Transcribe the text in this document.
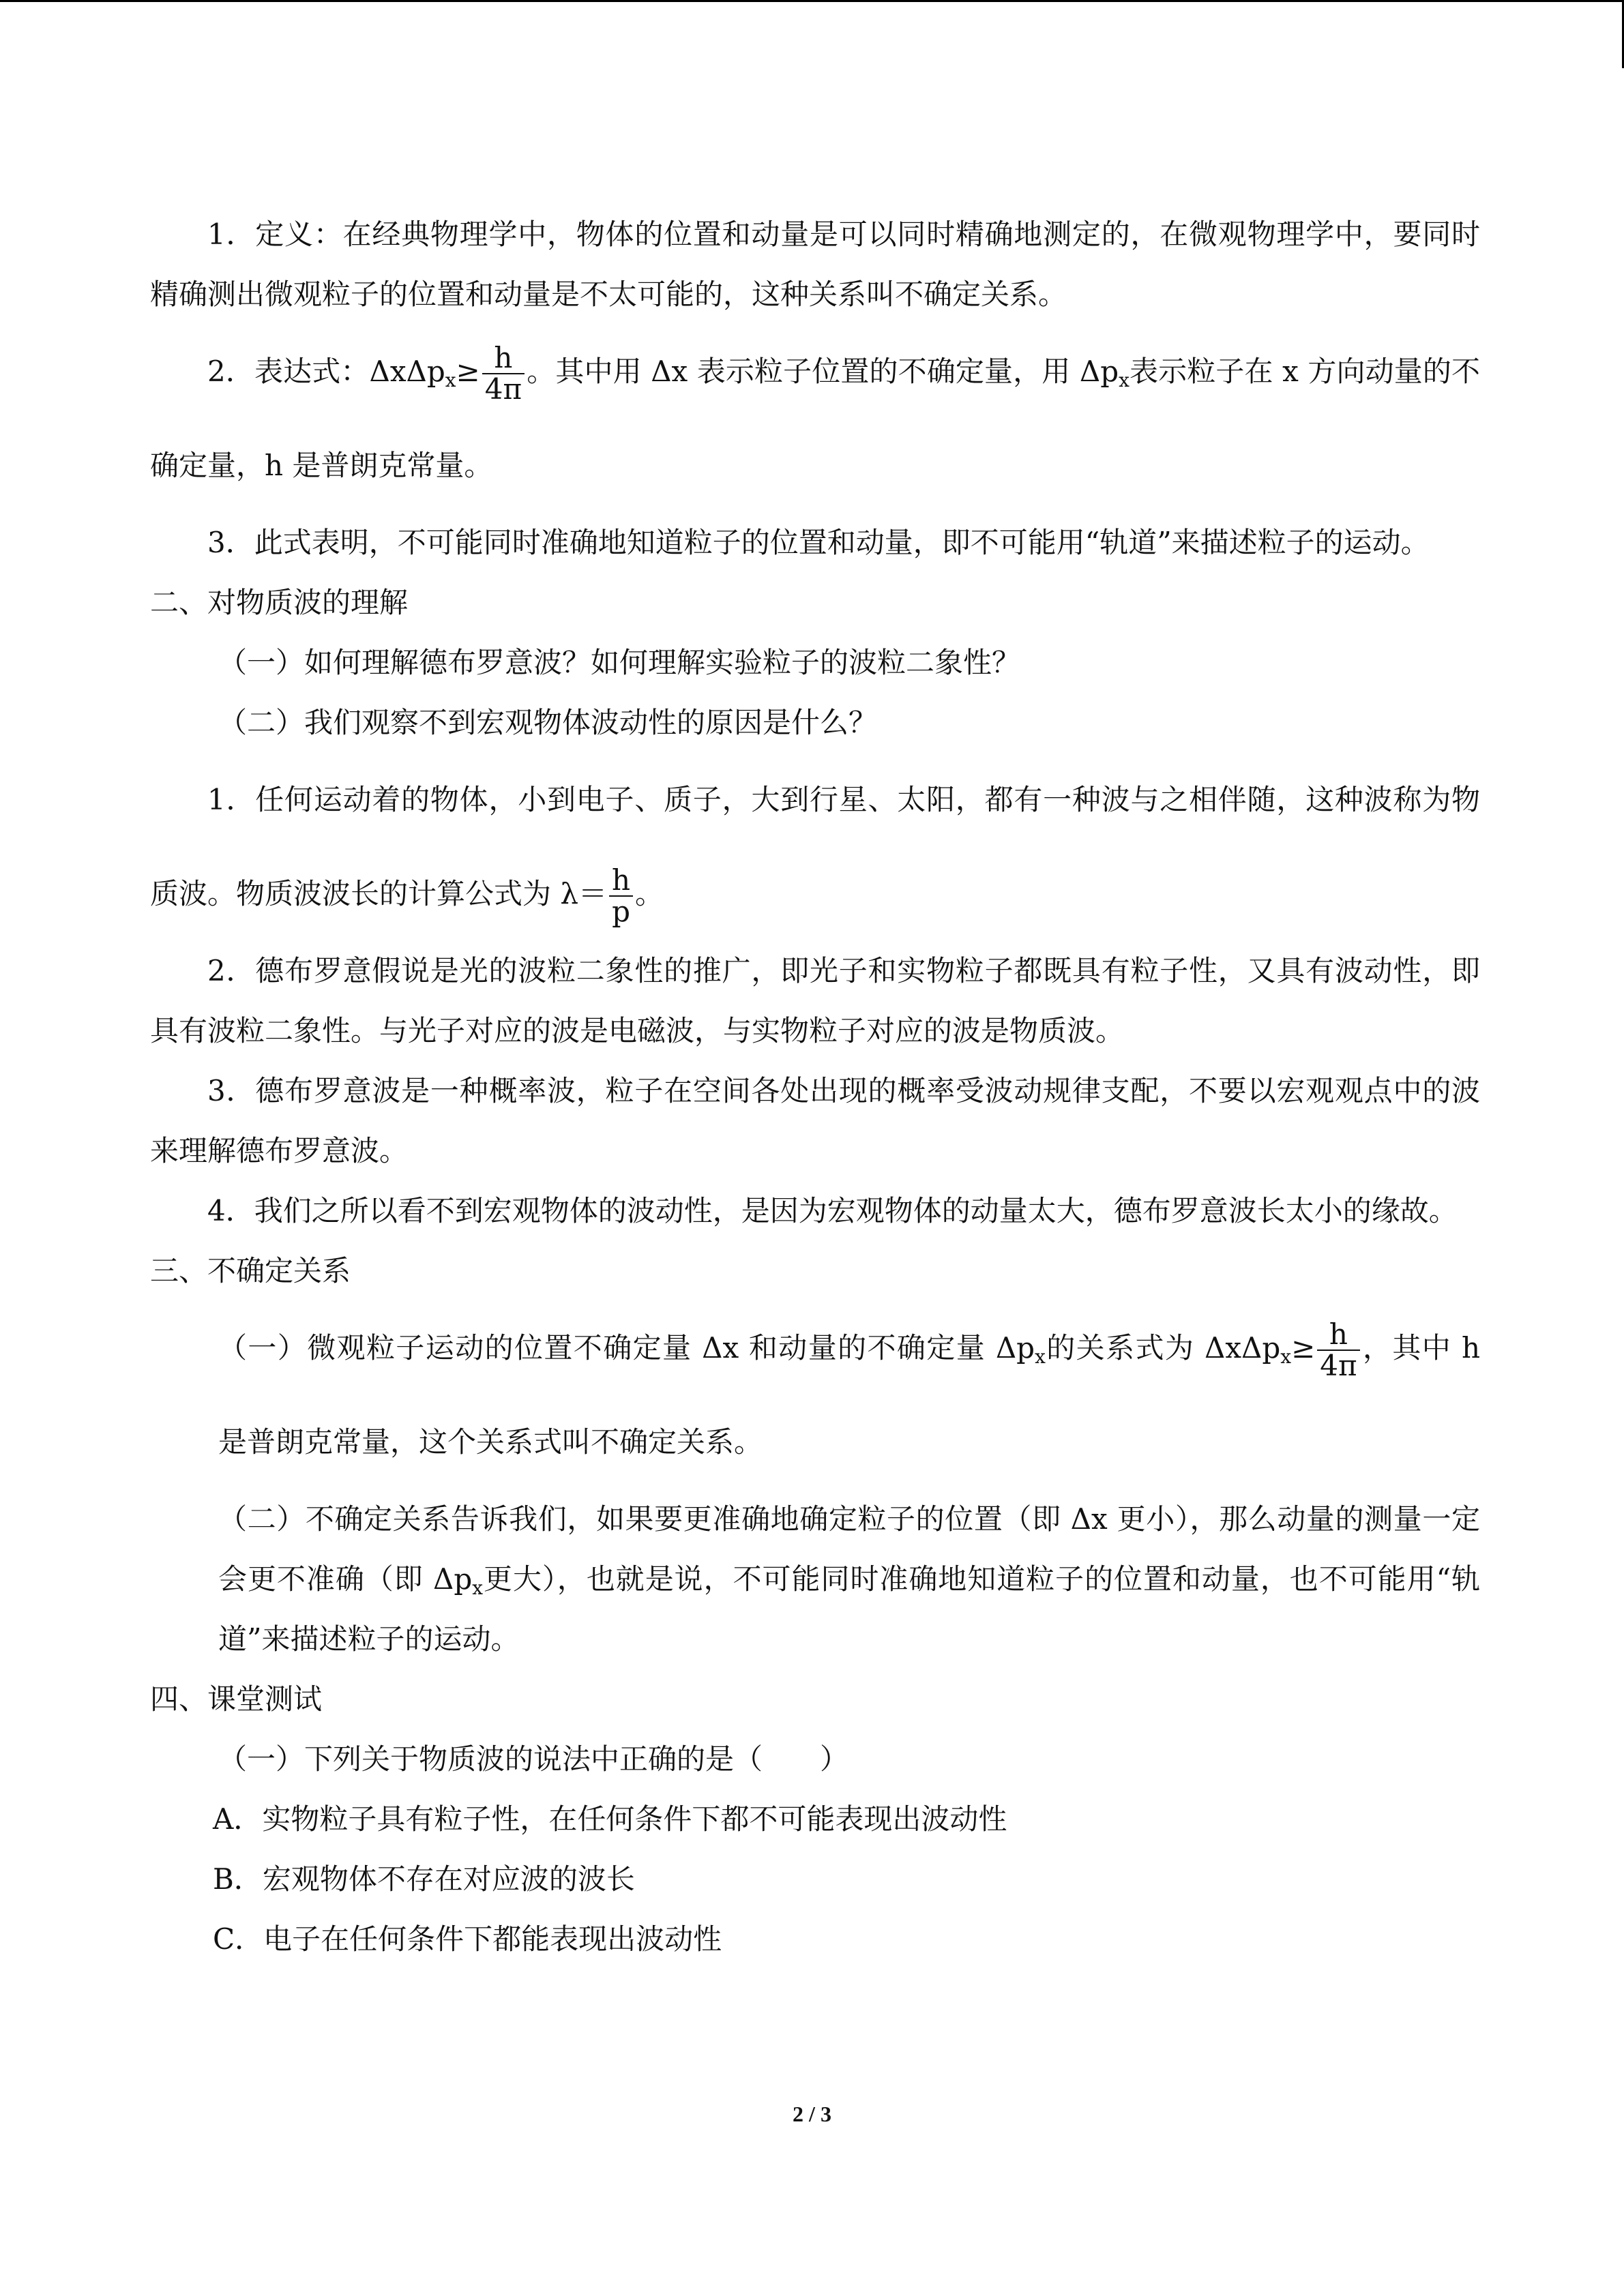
1．定义：在经典物理学中，物体的位置和动量是可以同时精确地测定的，在微观物理学中，要同时精确测出微观粒子的位置和动量是不太可能的，这种关系叫不确定关系。

2．表达式：$\Delta x\Delta p_x\ge \frac{h}{4\pi}$ 。其中用 Δx 表示粒子位置的不确定量，用 $\Delta p_x$表示粒子在 x 方向动量的不确定量，h 是普朗克常量。

3．此式表明，不可能同时准确地知道粒子的位置和动量，即不可能用“轨道”来描述粒子的运动。

二、对物质波的理解

（一）如何理解德布罗意波？如何理解实验粒子的波粒二象性？

（二）我们观察不到宏观物体波动性的原因是什么？

1．任何运动着的物体，小到电子、质子，大到行星、太阳，都有一种波与之相伴随，这种波称为物质波。物质波波长的计算公式为 $\lambda= \frac{h}{p}$ 。

2．德布罗意假说是光的波粒二象性的推广，即光子和实物粒子都既具有粒子性，又具有波动性，即具有波粒二象性。与光子对应的波是电磁波，与实物粒子对应的波是物质波。

3．德布罗意波是一种概率波，粒子在空间各处出现的概率受波动规律支配，不要以宏观观点中的波来理解德布罗意波。

4．我们之所以看不到宏观物体的波动性，是因为宏观物体的动量太大，德布罗意波长太小的缘故。

三、不确定关系

（一）微观粒子运动的位置不确定量 Δx 和动量的不确定量 $\Delta p_x$的关系式为 $\Delta x\Delta p_x\ge \frac{h}{4\pi}$ ，其中 h 是普朗克常量，这个关系式叫不确定关系。

（二）不确定关系告诉我们，如果要更准确地确定粒子的位置（即 Δx 更小），那么动量的测量一定会更不准确（即 $\Delta p_x$更大），也就是说，不可能同时准确地知道粒子的位置和动量，也不可能用“轨道”来描述粒子的运动。

四、课堂测试

（一）下列关于物质波的说法中正确的是（　　）

A．实物粒子具有粒子性，在任何条件下都不可能表现出波动性

B．宏观物体不存在对应波的波长

C．电子在任何条件下都能表现出波动性

2 / 3
